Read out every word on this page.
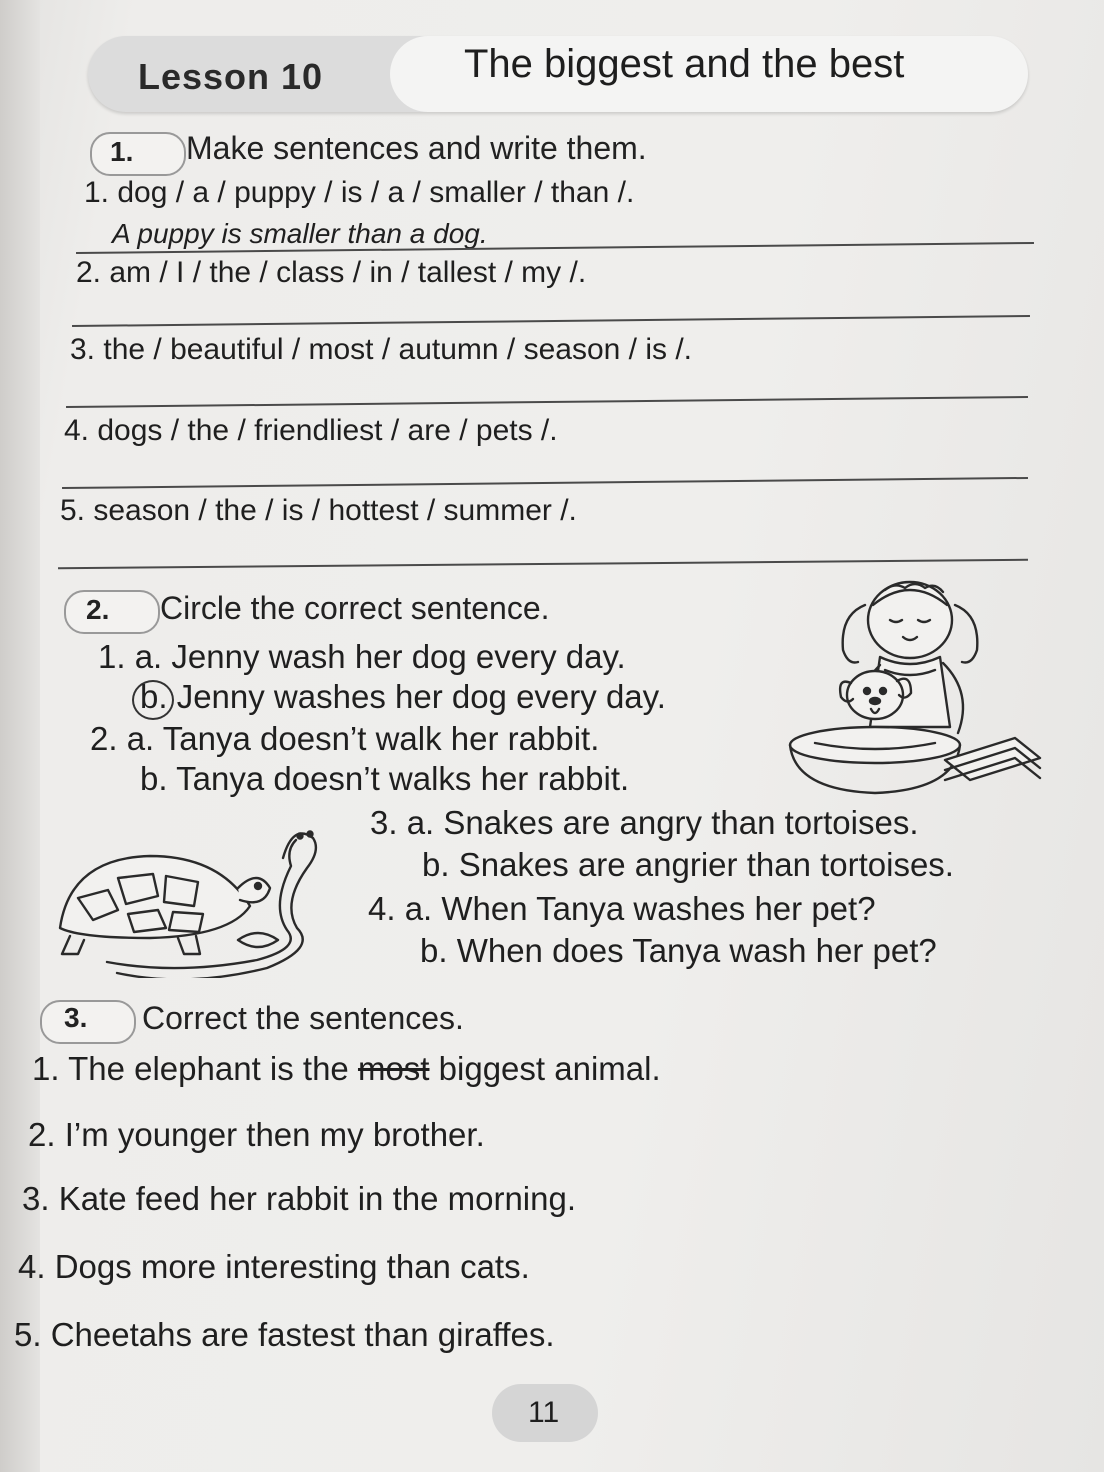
Lesson 10	The biggest and the best
1. Make sentences and write them.
1. dog / a / puppy / is / a / smaller / than /.
A puppy is smaller than a dog.
2. am / I / the / class / in / tallest / my /.
3. the / beautiful / most / autumn / season / is /.
4. dogs / the / friendliest / are / pets /.
5. season / the / is / hottest / summer /.
2. Circle the correct sentence.
1. a. Jenny wash her dog every day.
b. Jenny washes her dog every day.
2. a. Tanya doesn’t walk her rabbit.
b. Tanya doesn’t walks her rabbit.
3. a. Snakes are angry than tortoises.
b. Snakes are angrier than tortoises.
4. a. When Tanya washes her pet?
b. When does Tanya wash her pet?
3. Correct the sentences.
1. The elephant is the most biggest animal.
2. I’m younger then my brother.
3. Kate feed her rabbit in the morning.
4. Dogs more interesting than cats.
5. Cheetahs are fastest than giraffes.
11
